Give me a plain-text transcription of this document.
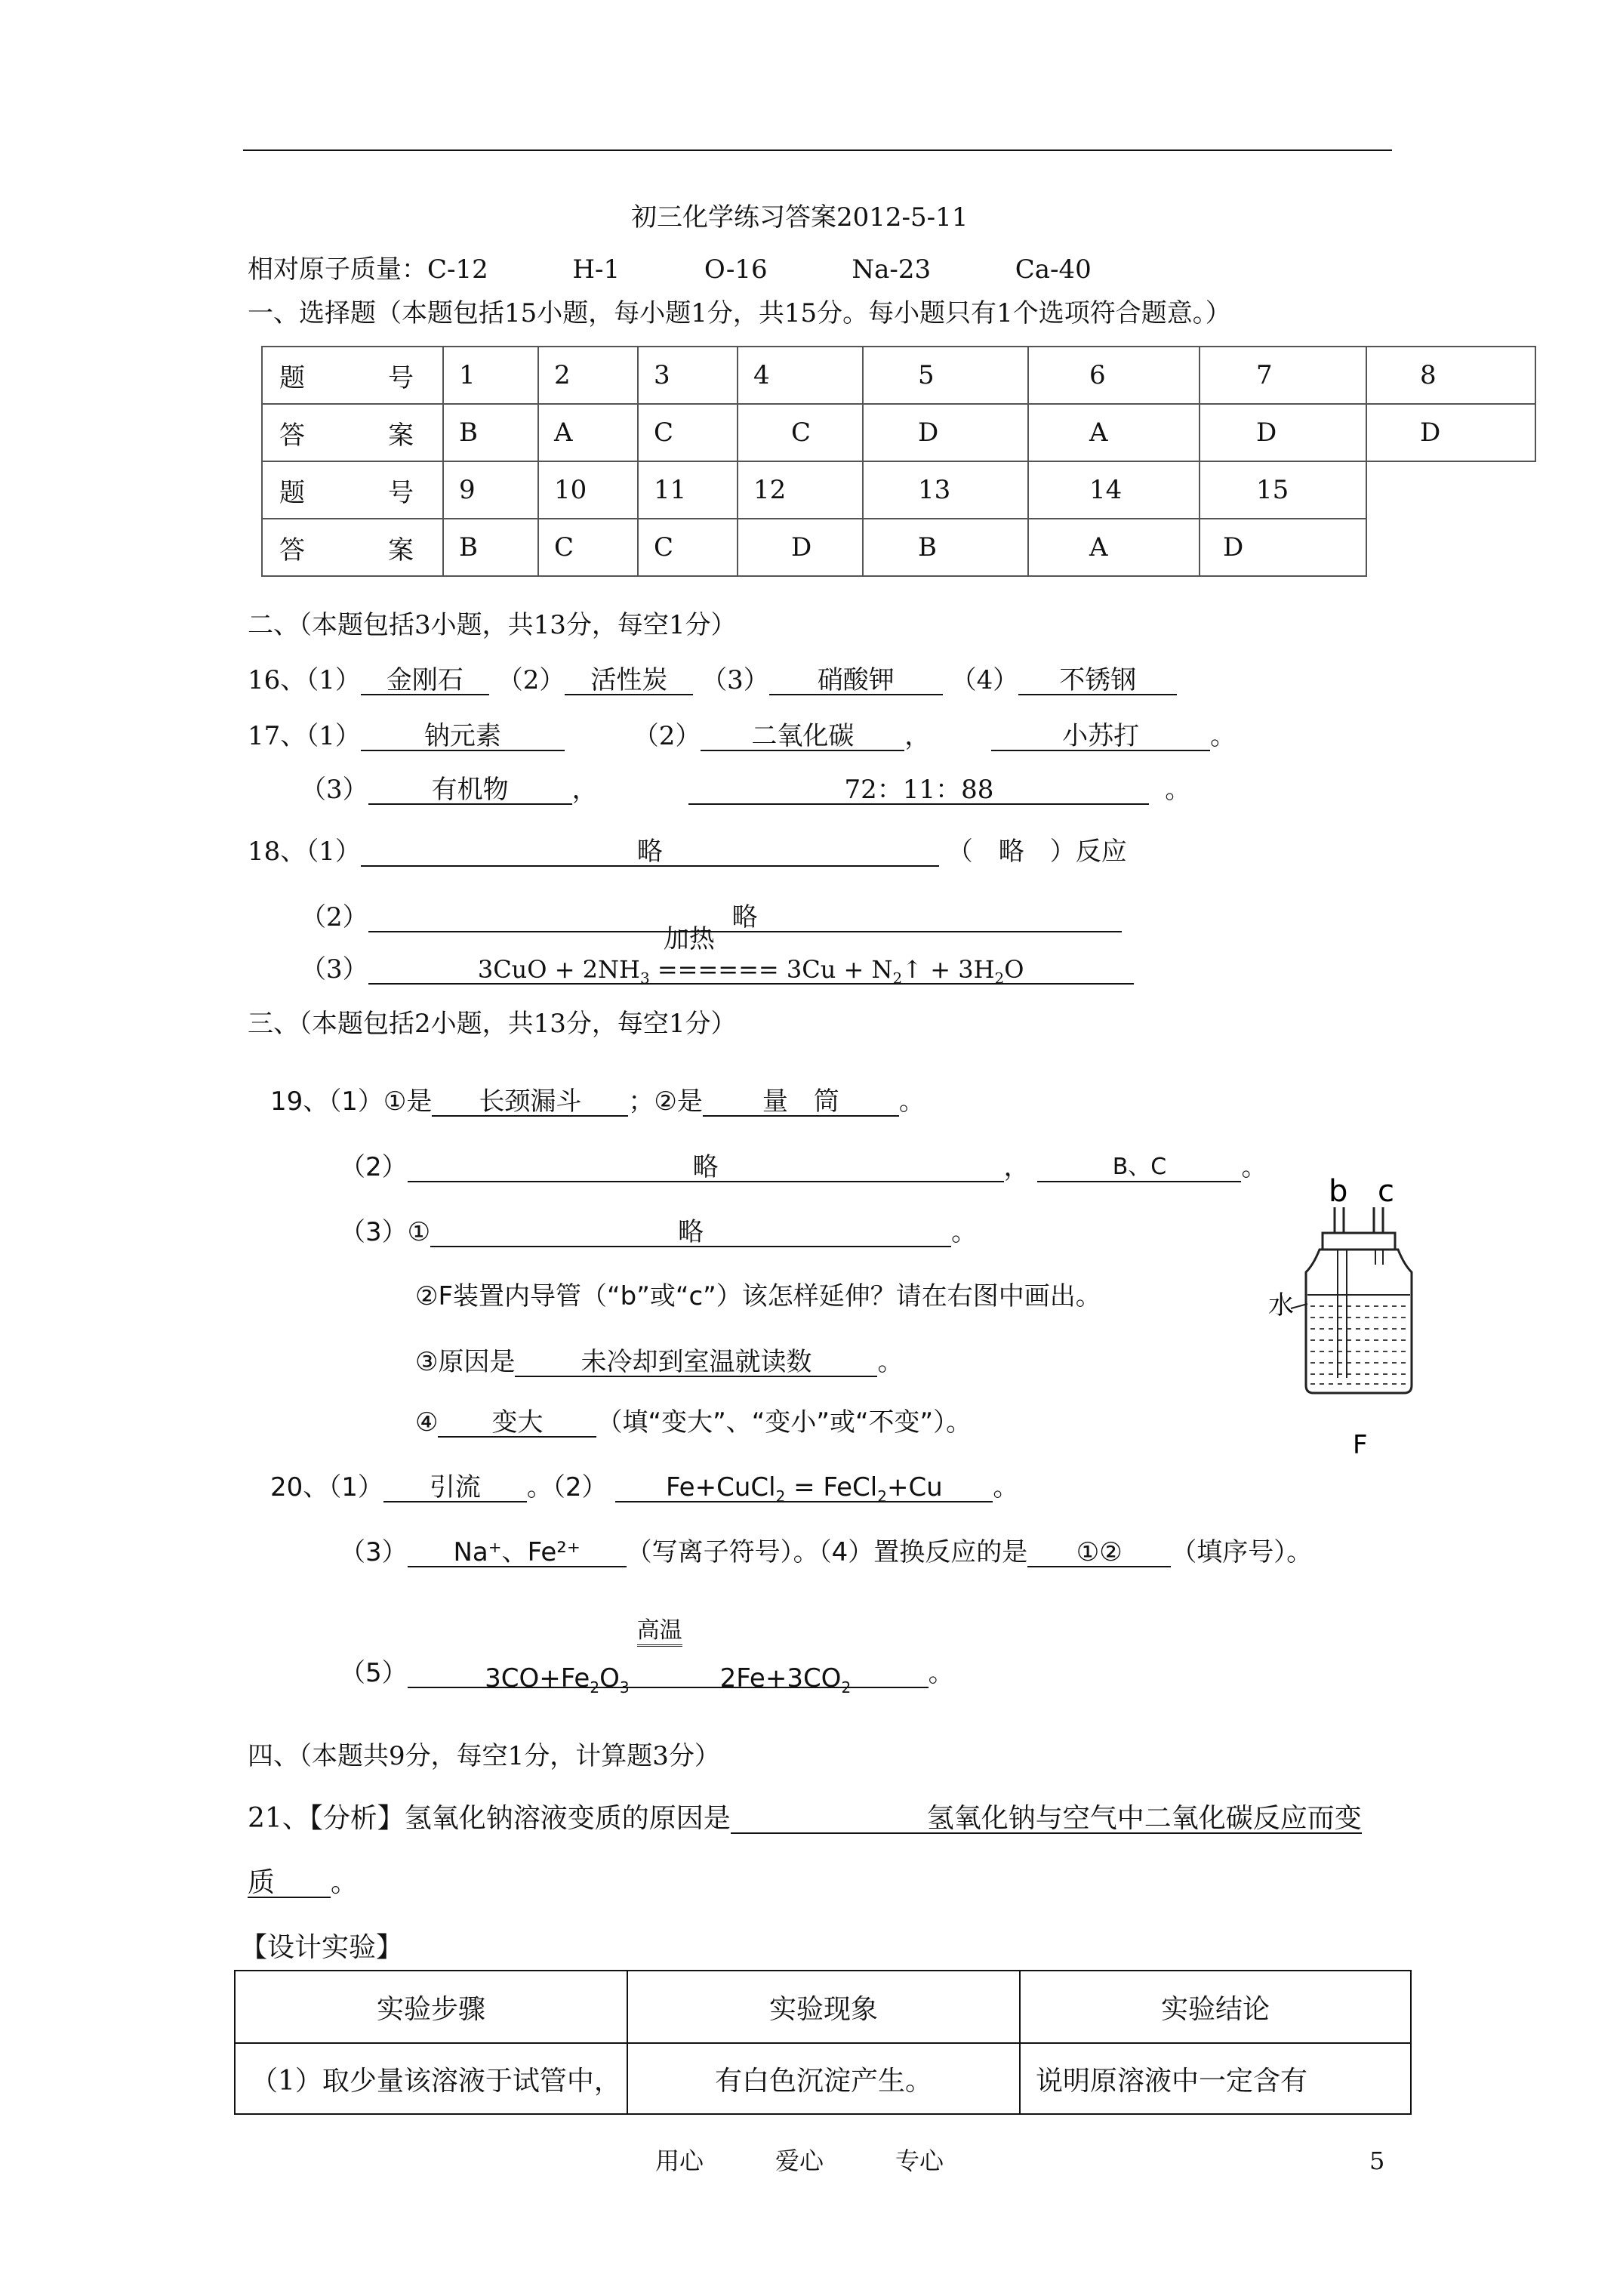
初三化学练习答案2012-5-11
相对原子质量：C-12	H-1	O-16	Na-23	Ca-40
一、选择题（本题包括15小题，每小题1分，共15分。每小题只有1个选项符合题意。）
题　号	1	2	3	4	5	6	7	8
答　案	B	A	C	C	D	A	D	D
题　号	9	10	11	12	13	14	15	
答　案	B	C	C	D	B	A	D	
二、（本题包括3小题，共13分，每空1分）
16、（1） 金刚石 （2） 活性炭 （3） 硝酸钾 （4） 不锈钢
17、（1） 钠元素	（2） 二氧化碳 ，	小苏打	。
（3） 有机物 ，	72：11：88	。
18、（1）	略	（　略　）反应
（2）	略
（3）	$3CuO + 2NH_3$
加热
====== $3Cu + N_2↑ + 3H_2O$
三、（本题包括2小题，共13分，每空1分）
19、（1）①是 长颈漏斗 ；②是 量　筒 。
（2）	略	，	B、C	。
（3）①	略	。
②F装置内导管（“b”或“c”）该怎样延伸？请在右图中画出。
③原因是	未冷却到室温就读数	。
④ 变大 （填“变大”、“变小”或“不变”）。
b c
水
F
20、（1） 引流 。（2） Fe+CuCl$_2$ = FeCl$_2$+Cu 。
（3） Na⁺、Fe²⁺ （写离子符号）。（4）置换反应的是 ①② （填序号）。
（5）	$3CO+Fe_2O_3$
高温
$2Fe+3CO_2$	。
四、（本题共9分，每空1分，计算题3分）
21、【分析】氢氧化钠溶液变质的原因是	氢氧化钠与空气中二氧化碳反应而变
质 。
【设计实验】
实验步骤	实验现象	实验结论
（1）取少量该溶液于试管中，	有白色沉淀产生。	说明原溶液中一定含有
用心	爱心	专心	5
